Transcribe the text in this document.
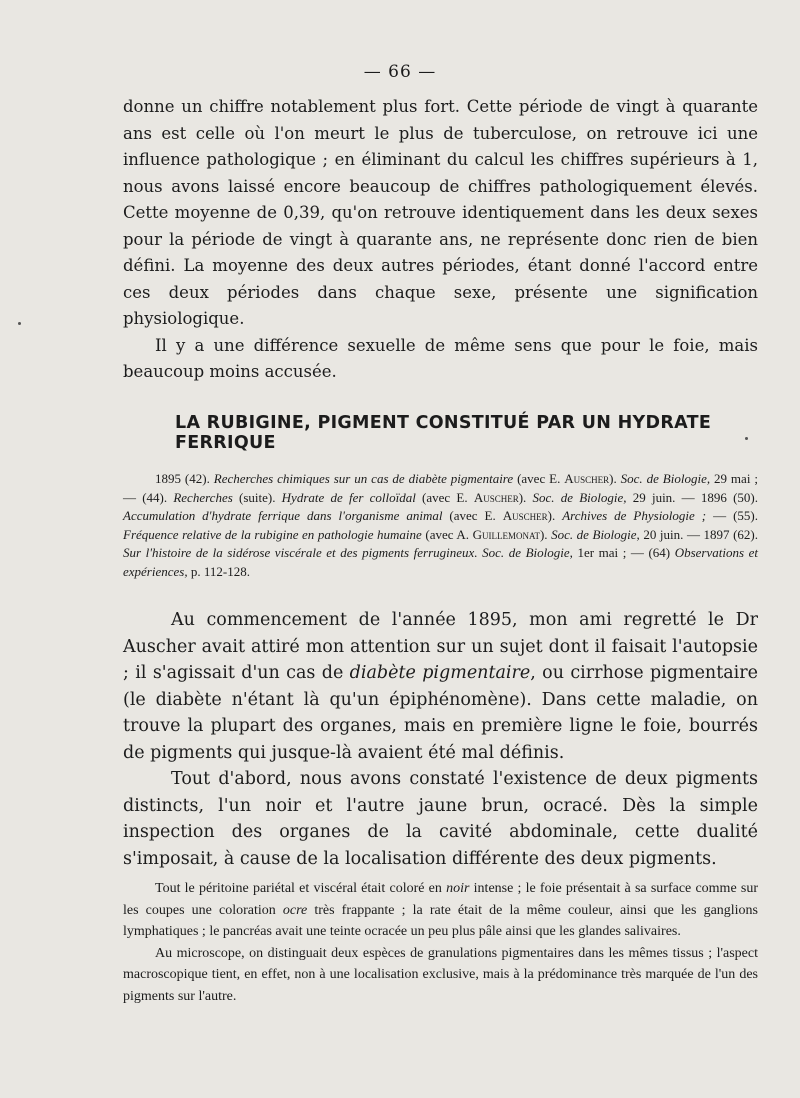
— 66 —

donne un chiffre notablement plus fort. Cette période de vingt à quarante ans est celle où l'on meurt le plus de tuberculose, on retrouve ici une influence pathologique ; en éliminant du calcul les chiffres supérieurs à 1, nous avons laissé encore beaucoup de chiffres pathologiquement élevés. Cette moyenne de 0,39, qu'on retrouve identiquement dans les deux sexes pour la période de vingt à quarante ans, ne représente donc rien de bien défini. La moyenne des deux autres périodes, étant donné l'accord entre ces deux périodes dans chaque sexe, présente une signification physiologique.

Il y a une différence sexuelle de même sens que pour le foie, mais beaucoup moins accusée.

LA RUBIGINE, PIGMENT CONSTITUÉ PAR UN HYDRATE FERRIQUE
1895 (42). Recherches chimiques sur un cas de diabète pigmentaire (avec E. Auscher). Soc. de Biologie, 29 mai ; — (44). Recherches (suite). Hydrate de fer colloïdal (avec E. Auscher). Soc. de Biologie, 29 juin. — 1896 (50). Accumulation d'hydrate ferrique dans l'organisme animal (avec E. Auscher). Archives de Physiologie ; — (55). Fréquence relative de la rubigine en pathologie humaine (avec A. Guillemonat). Soc. de Biologie, 20 juin. — 1897 (62). Sur l'histoire de la sidérose viscérale et des pigments ferrugineux. Soc. de Biologie, 1er mai ; — (64) Observations et expériences, p. 112-128.

Au commencement de l'année 1895, mon ami regretté le Dr Auscher avait attiré mon attention sur un sujet dont il faisait l'autopsie ; il s'agissait d'un cas de diabète pigmentaire, ou cirrhose pigmentaire (le diabète n'étant là qu'un épiphénomène). Dans cette maladie, on trouve la plupart des organes, mais en première ligne le foie, bourrés de pigments qui jusque-là avaient été mal définis.

Tout d'abord, nous avons constaté l'existence de deux pigments distincts, l'un noir et l'autre jaune brun, ocracé. Dès la simple inspection des organes de la cavité abdominale, cette dualité s'imposait, à cause de la localisation différente des deux pigments.

Tout le péritoine pariétal et viscéral était coloré en noir intense ; le foie présentait à sa surface comme sur les coupes une coloration ocre très frappante ; la rate était de la même couleur, ainsi que les ganglions lymphatiques ; le pancréas avait une teinte ocracée un peu plus pâle ainsi que les glandes salivaires.

Au microscope, on distinguait deux espèces de granulations pigmentaires dans les mêmes tissus ; l'aspect macroscopique tient, en effet, non à une localisation exclusive, mais à la prédominance très marquée de l'un des pigments sur l'autre.
